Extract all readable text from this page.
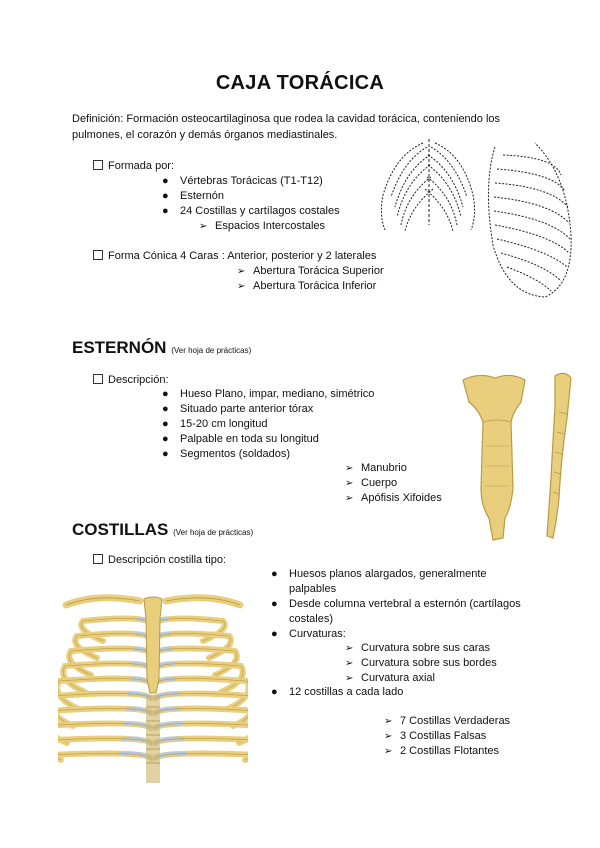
CAJA TORÁCICA
Definición: Formación osteocartilaginosa que rodea la cavidad torácica, conteniendo los pulmones, el corazón y demás órganos mediastinales.
Formada por:
● Vértebras Torácicas (T1-T12)
● Esternón
● 24 Costillas y cartílagos costales
➢ Espacios Intercostales
Forma Cónica 4 Caras : Anterior, posterior y 2 laterales
➢ Abertura Torácica Superior
➢ Abertura Torácica Inferior
ESTERNÓN (Ver hoja de prácticas)
Descripción:
● Hueso Plano, impar, mediano, simétrico
● Situado parte anterior tórax
● 15-20 cm longitud
● Palpable en toda su longitud
● Segmentos (soldados)
➢ Manubrio
➢ Cuerpo
➢ Apófisis Xifoides
COSTILLAS (Ver hoja de prácticas)
Descripción costilla tipo:
● Huesos planos alargados, generalmente
palpables
● Desde columna vertebral a esternón (cartílagos
costales)
● Curvaturas:
➢ Curvatura sobre sus caras
➢ Curvatura sobre sus bordes
➢ Curvatura axial
● 12 costillas a cada lado
➢ 7 Costillas Verdaderas
➢ 3 Costillas Falsas
➢ 2 Costillas Flotantes
